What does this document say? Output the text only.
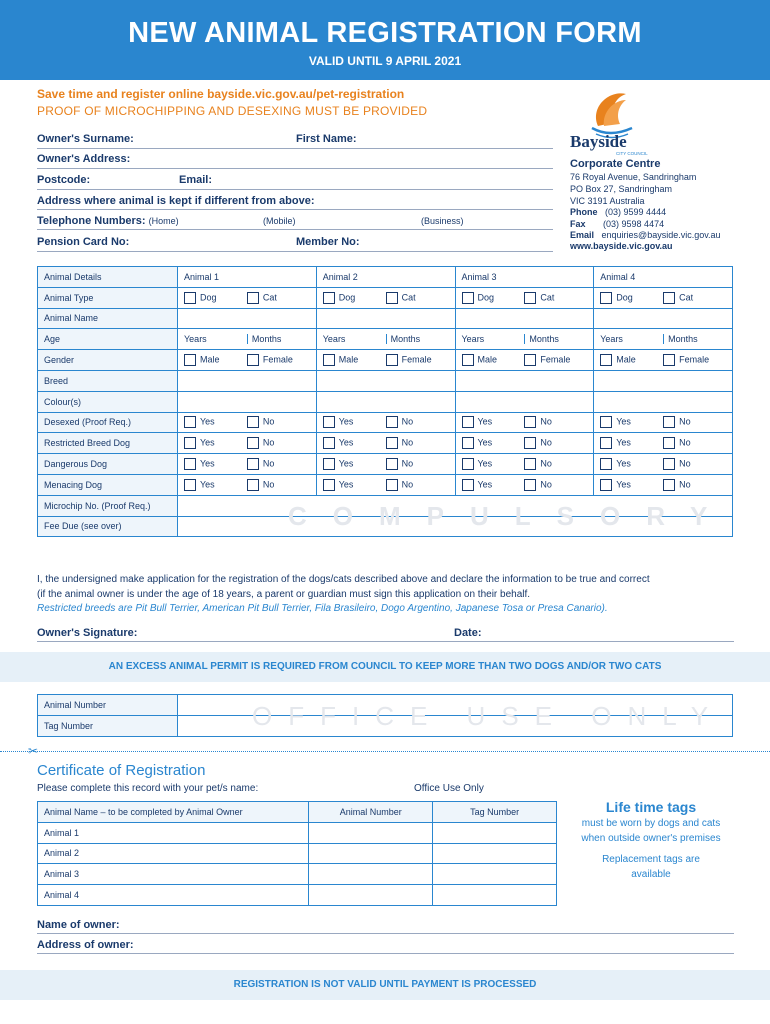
NEW ANIMAL REGISTRATION FORM
VALID UNTIL 9 APRIL 2021
Save time and register online bayside.vic.gov.au/pet-registration
PROOF OF MICROCHIPPING AND DESEXING MUST BE PROVIDED
Owner's Surname:	First Name:
Owner's Address:
Postcode:	Email:
Address where animal is kept if different from above:
Telephone Numbers: (Home)	(Mobile)	(Business)
Pension Card No:	Member No:
Bayside
CITY COUNCIL
Corporate Centre
76 Royal Avenue, Sandringham
PO Box 27, Sandringham
VIC 3191 Australia
Phone (03) 9599 4444
Fax (03) 9598 4474
Email enquiries@bayside.vic.gov.au
www.bayside.vic.gov.au
Animal Details	Animal 1	Animal 2	Animal 3	Animal 4
Animal Type	Dog Cat	Dog Cat	Dog Cat	Dog Cat
Animal Name				
Age	Years Months	Years Months	Years Months	Years Months
Gender	Male Female	Male Female	Male Female	Male Female
Breed				
Colour(s)				
Desexed (Proof Req.)	Yes No	Yes No	Yes No	Yes No
Restricted Breed Dog	Yes No	Yes No	Yes No	Yes No
Dangerous Dog	Yes No	Yes No	Yes No	Yes No
Menacing Dog	Yes No	Yes No	Yes No	Yes No
Microchip No. (Proof Req.)				
Fee Due (see over)					COMPULSORY
I, the undersigned make application for the registration of the dogs/cats described above and declare the information to be true and correct
(if the animal owner is under the age of 18 years, a parent or guardian must sign this application on their behalf.
Restricted breeds are Pit Bull Terrier, American Pit Bull Terrier, Fila Brasileiro, Dogo Argentino, Japanese Tosa or Presa Canario).
Owner's Signature:	Date:
AN EXCESS ANIMAL PERMIT IS REQUIRED FROM COUNCIL TO KEEP MORE THAN TWO DOGS AND/OR TWO CATS
Animal Number	
Tag Number		OFFICE USE ONLY
✂
Certificate of Registration
Please complete this record with your pet/s name:	Office Use Only
Animal Name – to be completed by Animal Owner	Animal Number	Tag Number
Animal 1		
Animal 2		
Animal 3		
Animal 4		
Life time tags
must be worn by dogs and cats
when outside owner's premises
Replacement tags are
available
Name of owner:
Address of owner:
REGISTRATION IS NOT VALID UNTIL PAYMENT IS PROCESSED
